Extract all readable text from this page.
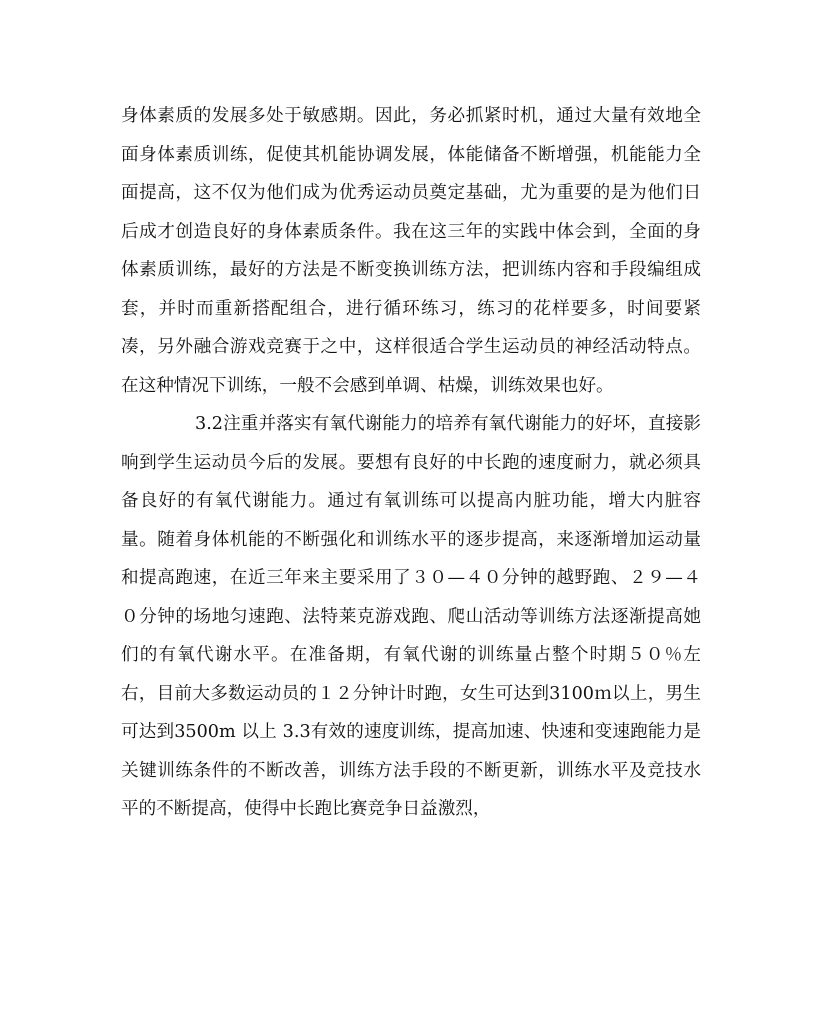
身体素质的发展多处于敏感期。因此，务必抓紧时机，通过大量有效地全面身体素质训练，促使其机能协调发展，体能储备不断增强，机能能力全面提高，这不仅为他们成为优秀运动员奠定基础，尤为重要的是为他们日后成才创造良好的身体素质条件。我在这三年的实践中体会到，全面的身体素质训练，最好的方法是不断变换训练方法，把训练内容和手段编组成套，并时而重新搭配组合，进行循环练习，练习的花样要多，时间要紧凑，另外融合游戏竞赛于之中，这样很适合学生运动员的神经活动特点。在这种情况下训练，一般不会感到单调、枯燥，训练效果也好。

3.2注重并落实有氧代谢能力的培养有氧代谢能力的好坏，直接影响到学生运动员今后的发展。要想有良好的中长跑的速度耐力，就必须具备良好的有氧代谢能力。通过有氧训练可以提高内脏功能，增大内脏容量。随着身体机能的不断强化和训练水平的逐步提高，来逐渐增加运动量和提高跑速，在近三年来主要采用了３０—４０分钟的越野跑、２９—４０分钟的场地匀速跑、法特莱克游戏跑、爬山活动等训练方法逐渐提高她们的有氧代谢水平。在准备期，有氧代谢的训练量占整个时期５０％左右，目前大多数运动员的１２分钟计时跑，女生可达到3100ｍ以上，男生可达到3500m 以上 3.3有效的速度训练，提高加速、快速和变速跑能力是关键训练条件的不断改善，训练方法手段的不断更新，训练水平及竞技水平的不断提高，使得中长跑比赛竞争日益激烈，
